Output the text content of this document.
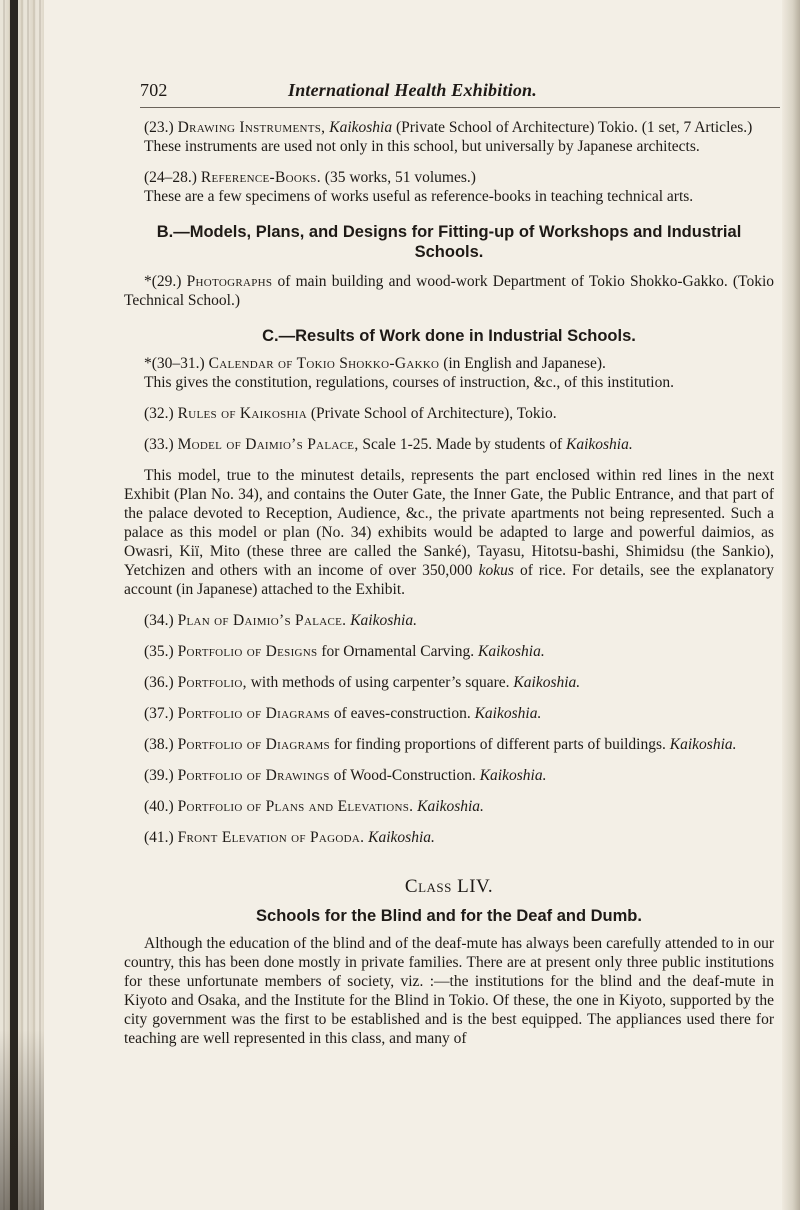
702	International Health Exhibition.

(23.) Drawing Instruments, Kaikoshia (Private School of Architecture) Tokio. (1 set, 7 Articles.)

These instruments are used not only in this school, but universally by Japanese architects.

(24–28.) Reference-Books. (35 works, 51 volumes.)

These are a few specimens of works useful as reference-books in teaching technical arts.

B.—Models, Plans, and Designs for Fitting-up of Workshops and Industrial Schools.

*(29.) Photographs of main building and wood-work Department of Tokio Shokko-Gakko. (Tokio Technical School.)

C.—Results of Work done in Industrial Schools.

*(30–31.) Calendar of Tokio Shokko-Gakko (in English and Japanese).

This gives the constitution, regulations, courses of instruction, &c., of this institution.

(32.) Rules of Kaikoshia (Private School of Architecture), Tokio.

(33.) Model of Daimio’s Palace, Scale 1-25. Made by students of Kaikoshia.

This model, true to the minutest details, represents the part enclosed within red lines in the next Exhibit (Plan No. 34), and contains the Outer Gate, the Inner Gate, the Public Entrance, and that part of the palace devoted to Reception, Audience, &c., the private apartments not being represented. Such a palace as this model or plan (No. 34) exhibits would be adapted to large and powerful daimios, as Owasri, Kiï, Mito (these three are called the Sanké), Tayasu, Hitotsu-bashi, Shimidsu (the Sankio), Yetchizen and others with an income of over 350,000 kokus of rice. For details, see the explanatory account (in Japanese) attached to the Exhibit.

(34.) Plan of Daimio’s Palace. Kaikoshia.

(35.) Portfolio of Designs for Ornamental Carving. Kaikoshia.

(36.) Portfolio, with methods of using carpenter’s square. Kaikoshia.

(37.) Portfolio of Diagrams of eaves-construction. Kaikoshia.

(38.) Portfolio of Diagrams for finding proportions of different parts of buildings. Kaikoshia.

(39.) Portfolio of Drawings of Wood-Construction. Kaikoshia.

(40.) Portfolio of Plans and Elevations. Kaikoshia.

(41.) Front Elevation of Pagoda. Kaikoshia.

Class LIV.

Schools for the Blind and for the Deaf and Dumb.

Although the education of the blind and of the deaf-mute has always been carefully attended to in our country, this has been done mostly in private families. There are at present only three public institutions for these unfortunate members of society, viz. :—the institutions for the blind and the deaf-mute in Kiyoto and Osaka, and the Institute for the Blind in Tokio. Of these, the one in Kiyoto, supported by the city government was the first to be established and is the best equipped. The appliances used there for teaching are well represented in this class, and many of
